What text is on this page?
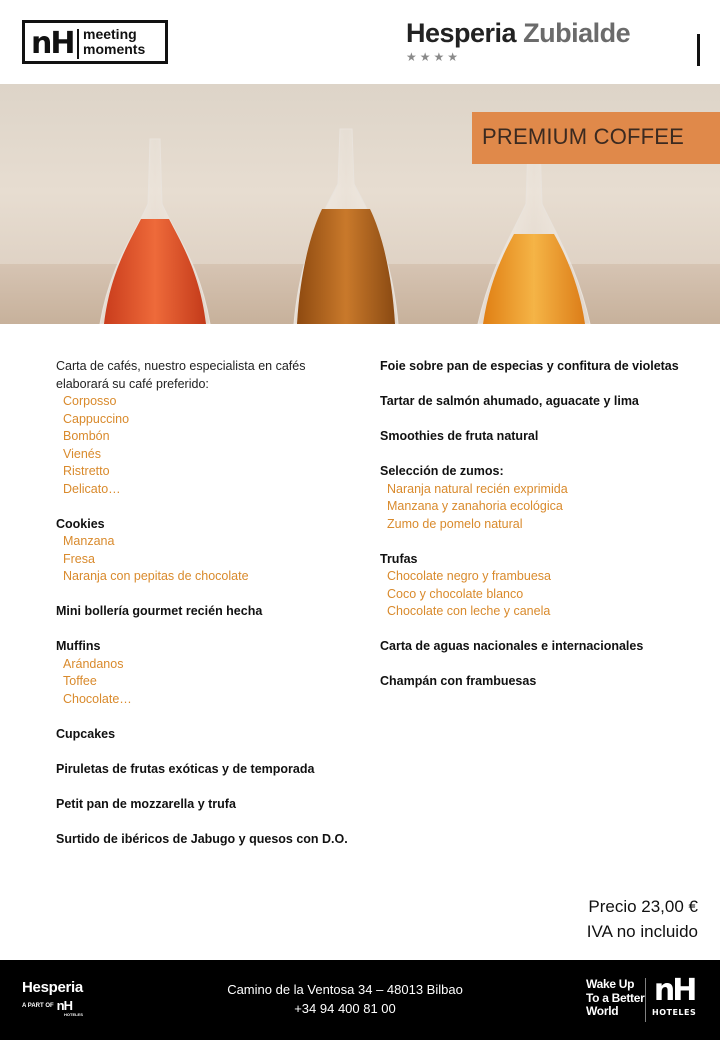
nH meeting
moments
Hesperia Zubialde
★★★★
PREMIUM COFFEE
Carta de cafés, nuestro especialista en cafés
elaborará su café preferido:
Corposso
Cappuccino
Bombón
Vienés
Ristretto
Delicato…
Cookies
Manzana
Fresa
Naranja con pepitas de chocolate
Mini bollería gourmet recién hecha
Muffins
Arándanos
Toffee
Chocolate…
Cupcakes
Piruletas de frutas exóticas y de temporada
Petit pan de mozzarella y trufa
Surtido de ibéricos de Jabugo y quesos con D.O.
Foie sobre pan de especias y confitura de violetas
Tartar de salmón ahumado, aguacate y lima
Smoothies de fruta natural
Selección de zumos:
Naranja natural recién exprimida
Manzana y zanahoria ecológica
Zumo de pomelo natural
Trufas
Chocolate negro y frambuesa
Coco y chocolate blanco
Chocolate con leche y canela
Carta de aguas nacionales e internacionales
Champán con frambuesas
Precio 23,00 €
IVA no incluido
Hesperia
A PART OF nH
HOTELES
Camino de la Ventosa 34 – 48013 Bilbao
+34 94 400 81 00
Wake Up
To a Better
World
nH
HOTELES
